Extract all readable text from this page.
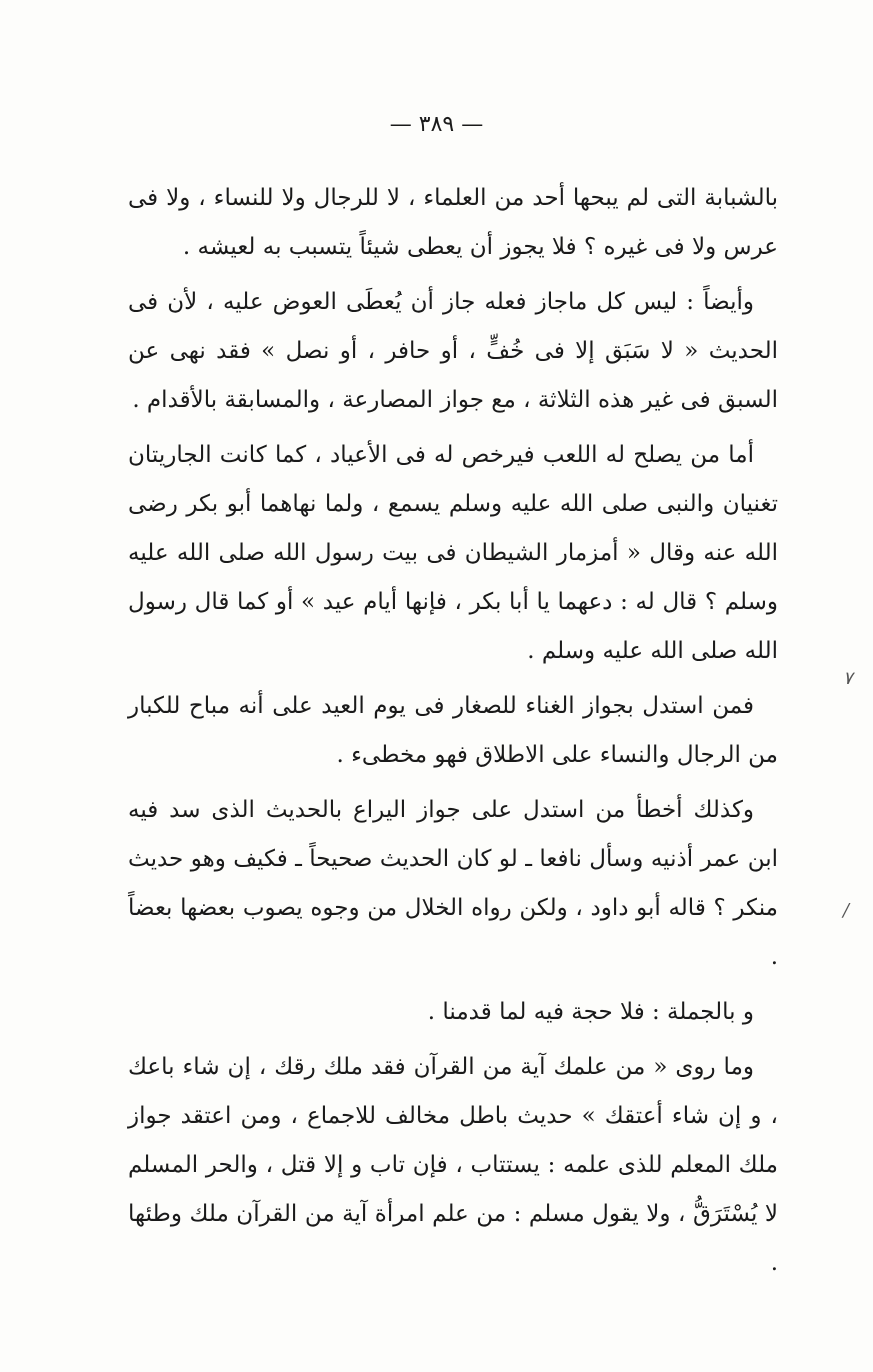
— ٣٨٩ —

بالشبابة التى لم يبحها أحد من العلماء ، لا للرجال ولا للنساء ، ولا فى عرس ولا فى غيره ؟ فلا يجوز أن يعطى شيئاً يتسبب به لعيشه .

وأيضاً : ليس كل ماجاز فعله جاز أن يُعطَى العوض عليه ، لأن فى الحديث « لا سَبَق إلا فى خُفٍّ ، أو حافر ، أو نصل » فقد نهى عن السبق فى غير هذه الثلاثة ، مع جواز المصارعة ، والمسابقة بالأقدام .

أما من يصلح له اللعب فيرخص له فى الأعياد ، كما كانت الجاريتان تغنيان والنبى صلى الله عليه وسلم يسمع ، ولما نهاهما أبو بكر رضى الله عنه وقال « أمزمار الشيطان فى بيت رسول الله صلى الله عليه وسلم ؟ قال له : دعهما يا أبا بكر ، فإنها أيام عيد » أو كما قال رسول الله صلى الله عليه وسلم .

فمن استدل بجواز الغناء للصغار فى يوم العيد على أنه مباح للكبار من الرجال والنساء على الاطلاق فهو مخطىء .

وكذلك أخطأ من استدل على جواز اليراع بالحديث الذى سد فيه ابن عمر أذنيه وسأل نافعا ـ لو كان الحديث صحيحاً ـ فكيف وهو حديث منكر ؟ قاله أبو داود ، ولكن رواه الخلال من وجوه يصوب بعضها بعضاً .

و بالجملة : فلا حجة فيه لما قدمنا .

وما روى « من علمك آية من القرآن فقد ملك رقك ، إن شاء باعك ، و إن شاء أعتقك » حديث باطل مخالف للاجماع ، ومن اعتقد جواز ملك المعلم للذى علمه : يستتاب ، فإن تاب و إلا قتل ، والحر المسلم لا يُسْتَرَقُّ ، ولا يقول مسلم : من علم امرأة آية من القرآن ملك وطئها .

٧
/
